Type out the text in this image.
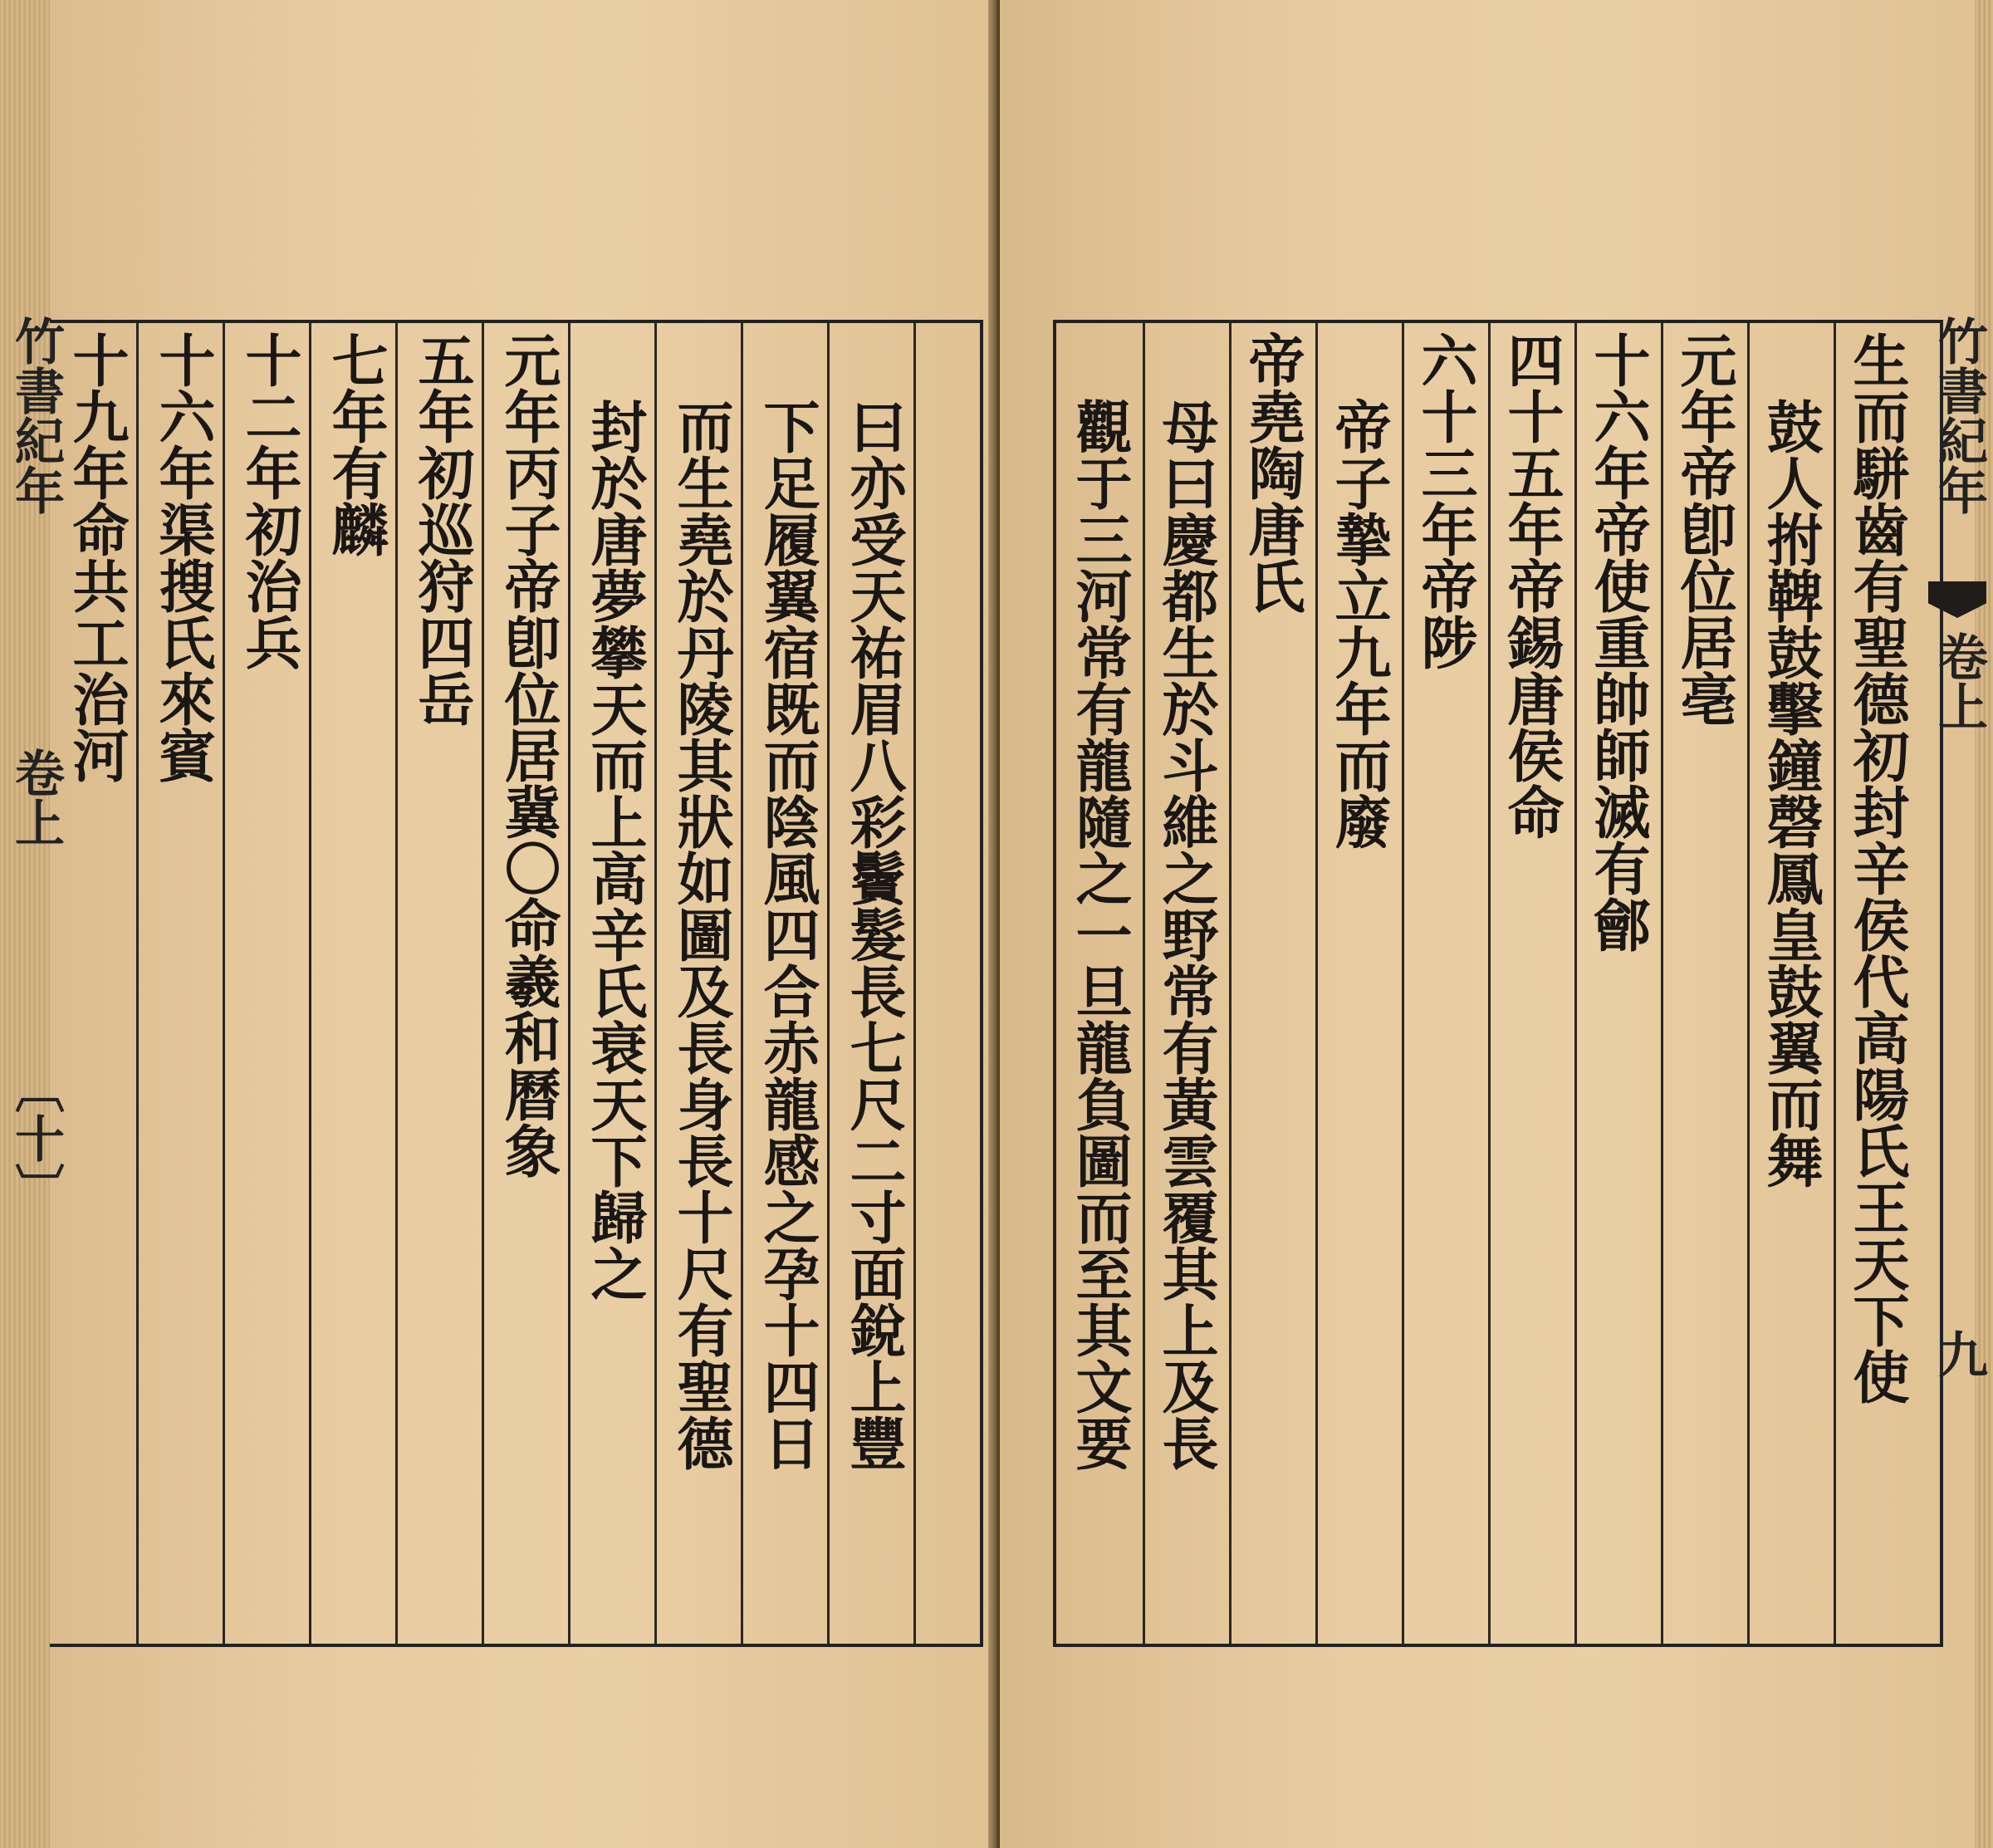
竹書紀年
卷上
〔十〕
十九年命共工治河 十六年渠搜氏來賓 十二年初治兵 七年有麟 五年初巡狩四岳 元年丙子帝卽位居冀〇命羲和曆象 封於唐夢攀天而上高辛氏衰天下歸之 而生堯於丹陵其狀如圖及長身長十尺有聖德 下足履翼宿既而陰風四合赤龍感之孕十四日 曰亦受天祐眉八彩鬢髮長七尺二寸面銳上豐	觀于三河常有龍隨之一旦龍負圖而至其文要 母曰慶都生於斗維之野常有黃雲覆其上及長 帝堯陶唐氏 帝子摯立九年而廢 六十三年帝陟 四十五年帝錫唐侯命 十六年帝使重帥師滅有鄶 元年帝卽位居亳 鼓人拊鞞鼓擊鐘磬鳳皇鼓翼而舞 生而駢齒有聖德初封辛侯代高陽氏王天下使 竹書紀年
卷上
九
